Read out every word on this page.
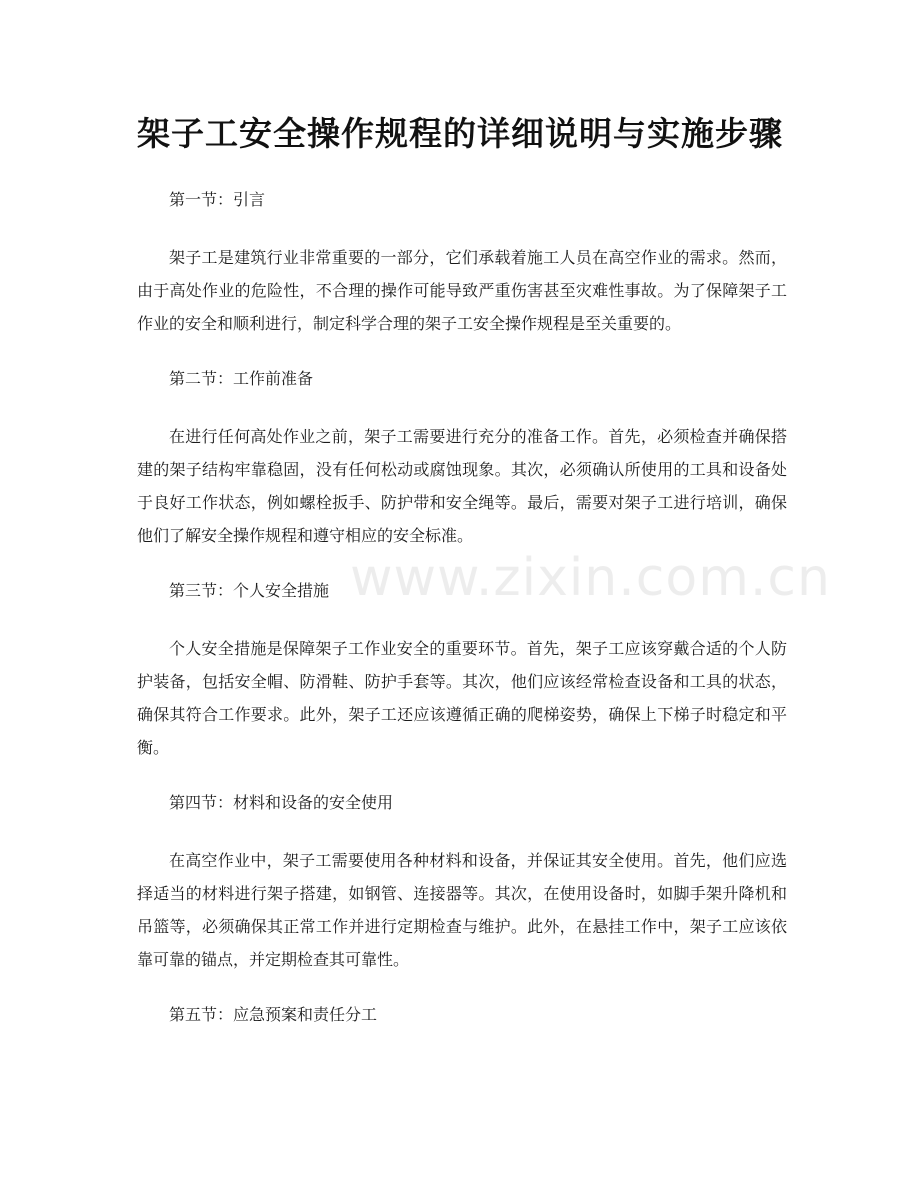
架子工安全操作规程的详细说明与实施步骤

第一节：引言

架子工是建筑行业非常重要的一部分，它们承载着施工人员在高空作业的需求。然而，由于高处作业的危险性，不合理的操作可能导致严重伤害甚至灾难性事故。为了保障架子工作业的安全和顺利进行，制定科学合理的架子工安全操作规程是至关重要的。

第二节：工作前准备

在进行任何高处作业之前，架子工需要进行充分的准备工作。首先，必须检查并确保搭建的架子结构牢靠稳固，没有任何松动或腐蚀现象。其次，必须确认所使用的工具和设备处于良好工作状态，例如螺栓扳手、防护带和安全绳等。最后，需要对架子工进行培训，确保他们了解安全操作规程和遵守相应的安全标准。

第三节：个人安全措施

个人安全措施是保障架子工作业安全的重要环节。首先，架子工应该穿戴合适的个人防护装备，包括安全帽、防滑鞋、防护手套等。其次，他们应该经常检查设备和工具的状态，确保其符合工作要求。此外，架子工还应该遵循正确的爬梯姿势，确保上下梯子时稳定和平衡。

第四节：材料和设备的安全使用

在高空作业中，架子工需要使用各种材料和设备，并保证其安全使用。首先，他们应选择适当的材料进行架子搭建，如钢管、连接器等。其次，在使用设备时，如脚手架升降机和吊篮等，必须确保其正常工作并进行定期检查与维护。此外，在悬挂工作中，架子工应该依靠可靠的锚点，并定期检查其可靠性。

第五节：应急预案和责任分工

www.zixin.com.cn
